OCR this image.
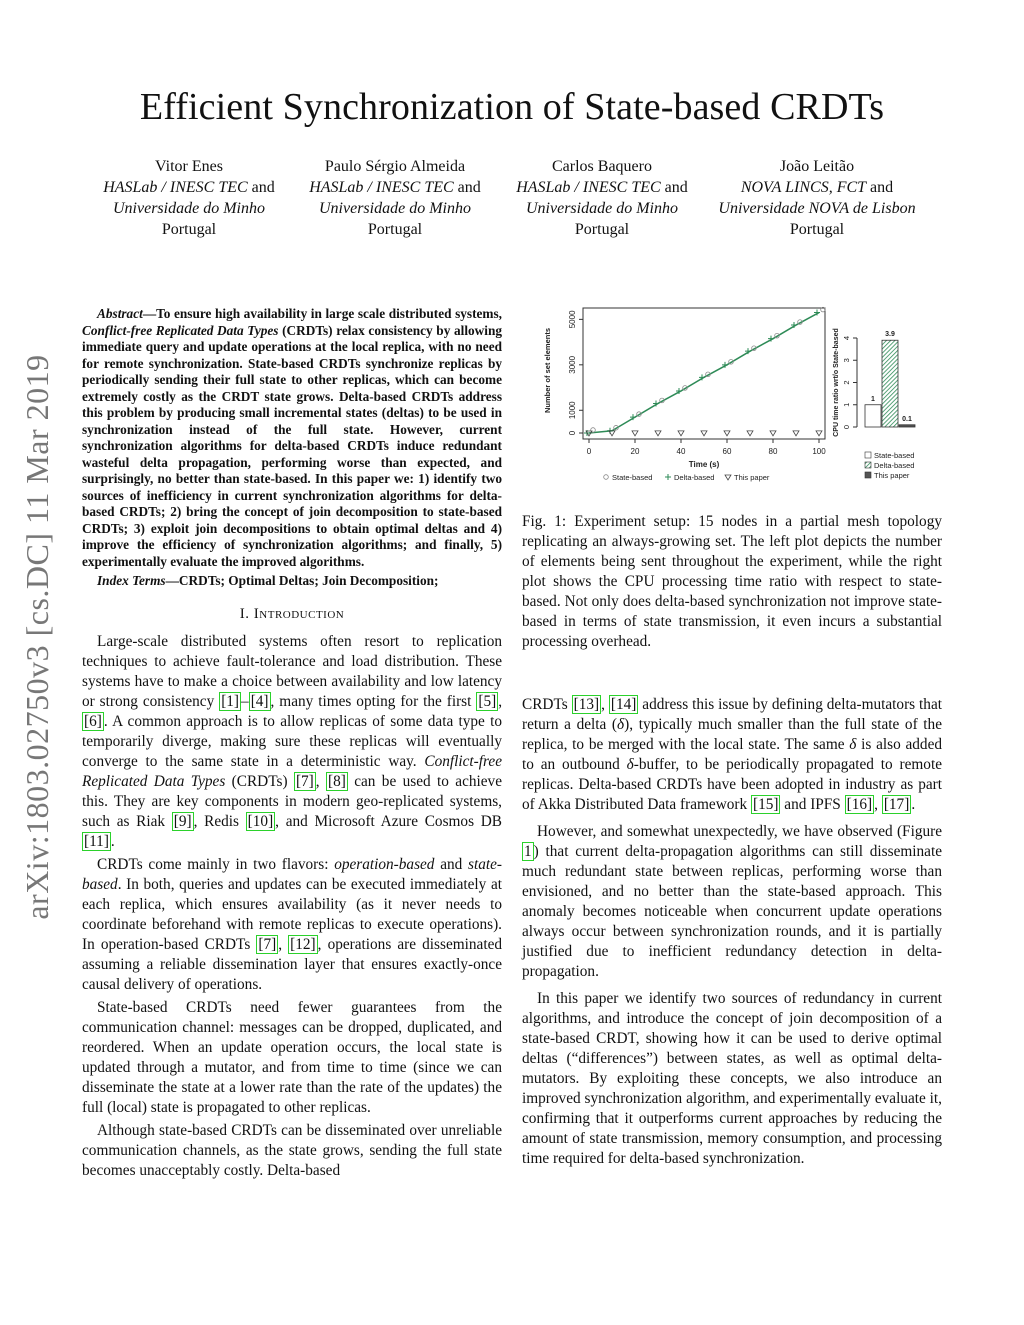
Efficient Synchronization of State-based CRDTs
Vitor Enes
HASLab / INESC TEC and
Universidade do Minho
Portugal
Paulo Sérgio Almeida
HASLab / INESC TEC and
Universidade do Minho
Portugal
Carlos Baquero
HASLab / INESC TEC and
Universidade do Minho
Portugal
João Leitão
NOVA LINCS, FCT and
Universidade NOVA de Lisbon
Portugal
arXiv:1803.02750v3 [cs.DC] 11 Mar 2019

Abstract—To ensure high availability in large scale distributed systems, Conflict-free Replicated Data Types (CRDTs) relax consistency by allowing immediate query and update operations at the local replica, with no need for remote synchronization. State-based CRDTs synchronize replicas by periodically sending their full state to other replicas, which can become extremely costly as the CRDT state grows. Delta-based CRDTs address this problem by producing small incremental states (deltas) to be used in synchronization instead of the full state. However, current synchronization algorithms for delta-based CRDTs induce redundant wasteful delta propagation, performing worse than expected, and surprisingly, no better than state-based. In this paper we: 1) identify two sources of inefficiency in current synchronization algorithms for delta-based CRDTs; 2) bring the concept of join decomposition to state-based CRDTs; 3) exploit join decompositions to obtain optimal deltas and 4) improve the efficiency of synchronization algorithms; and finally, 5) experimentally evaluate the improved algorithms.

Index Terms—CRDTs; Optimal Deltas; Join Decomposition;

I. Introduction

Large-scale distributed systems often resort to replication techniques to achieve fault-tolerance and load distribution. These systems have to make a choice between availability and low latency or strong consistency [1] – [4] , many times opting for the first [5] , [6] . A common approach is to allow replicas of some data type to temporarily diverge, making sure these replicas will eventually converge to the same state in a deterministic way. Conflict-free Replicated Data Types (CRDTs) [7] , [8] can be used to achieve this. They are key components in modern geo-replicated systems, such as Riak [9] , Redis [10] , and Microsoft Azure Cosmos DB [11] .

CRDTs come mainly in two flavors: operation-based and state-based. In both, queries and updates can be executed immediately at each replica, which ensures availability (as it never needs to coordinate beforehand with remote replicas to execute operations). In operation-based CRDTs [7] , [12] , operations are disseminated assuming a reliable dissemination layer that ensures exactly-once causal delivery of operations.

State-based CRDTs need fewer guarantees from the communication channel: messages can be dropped, duplicated, and reordered. When an update operation occurs, the local state is updated through a mutator, and from time to time (since we can disseminate the state at a lower rate than the rate of the updates) the full (local) state is propagated to other replicas.

Although state-based CRDTs can be disseminated over unreliable communication channels, as the state grows, sending the full state becomes unacceptably costly. Delta-based

0	20	40	60	80	100
0
1000
3000
5000
Time (s)
Number of set elements
State-based	Delta-based	This paper
0
1
2
3
4
CPU time ratio wrt/o State-based	1
3.9
0.1
State-based
Delta-based
This paper

Fig. 1: Experiment setup: 15 nodes in a partial mesh topology replicating an always-growing set. The left plot depicts the number of elements being sent throughout the experiment, while the right plot shows the CPU processing time ratio with respect to state-based. Not only does delta-based synchronization not improve state-based in terms of state transmission, it even incurs a substantial processing overhead.

CRDTs [13] , [14] address this issue by defining delta-mutators that return a delta (δ), typically much smaller than the full state of the replica, to be merged with the local state. The same δ is also added to an outbound δ-buffer, to be periodically propagated to remote replicas. Delta-based CRDTs have been adopted in industry as part of Akka Distributed Data framework [15] and IPFS [16] , [17] .

However, and somewhat unexpectedly, we have observed (Figure 1 ) that current delta-propagation algorithms can still disseminate much redundant state between replicas, performing worse than envisioned, and no better than the state-based approach. This anomaly becomes noticeable when concurrent update operations always occur between synchronization rounds, and it is partially justified due to inefficient redundancy detection in delta-propagation.

In this paper we identify two sources of redundancy in current algorithms, and introduce the concept of join decomposition of a state-based CRDT, showing how it can be used to derive optimal deltas (“differences”) between states, as well as optimal delta-mutators. By exploiting these concepts, we also introduce an improved synchronization algorithm, and experimentally evaluate it, confirming that it outperforms current approaches by reducing the amount of state transmission, memory consumption, and processing time required for delta-based synchronization.
